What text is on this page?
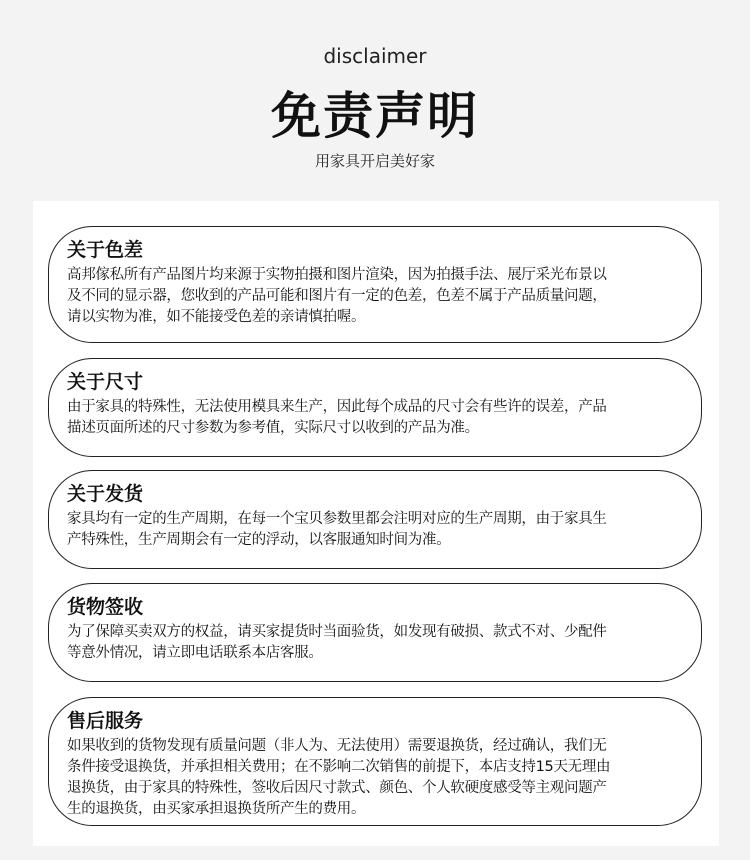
disclaimer
免责声明
用家具开启美好家
关于色差
高邦傢私所有产品图片均来源于实物拍摄和图片渲染，因为拍摄手法、展厅采光布景以
及不同的显示器，您收到的产品可能和图片有一定的色差，色差不属于产品质量问题，
请以实物为准，如不能接受色差的亲请慎拍喔。
关于尺寸
由于家具的特殊性，无法使用模具来生产，因此每个成品的尺寸会有些许的误差，产品
描述页面所述的尺寸参数为参考值，实际尺寸以收到的产品为准。
关于发货
家具均有一定的生产周期，在每一个宝贝参数里都会注明对应的生产周期，由于家具生
产特殊性，生产周期会有一定的浮动，以客服通知时间为准。
货物签收
为了保障买卖双方的权益，请买家提货时当面验货，如发现有破损、款式不对、少配件
等意外情况，请立即电话联系本店客服。
售后服务
如果收到的货物发现有质量问题（非人为、无法使用）需要退换货，经过确认，我们无
条件接受退换货，并承担相关费用；在不影响二次销售的前提下，本店支持15天无理由
退换货，由于家具的特殊性，签收后因尺寸款式、颜色、个人软硬度感受等主观问题产
生的退换货，由买家承担退换货所产生的费用。
